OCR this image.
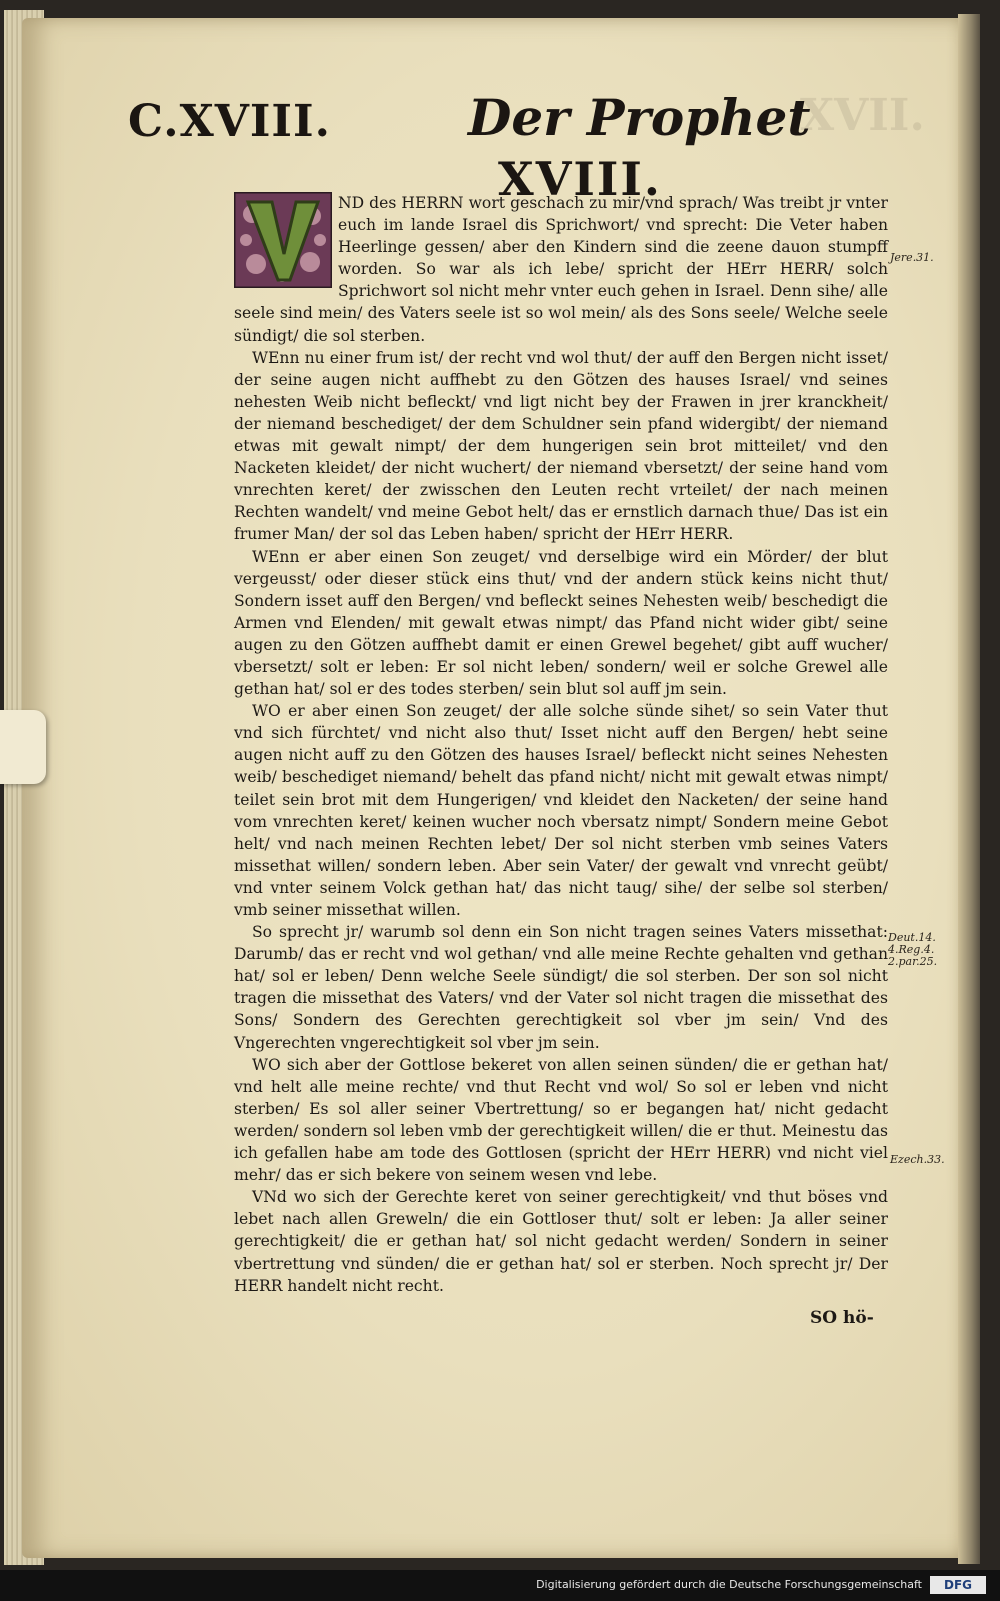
C.XVIII.	Der Prophet
XVII.
XVIII.

ND des HERRN wort geschach zu mir/vnd sprach/ Was treibt jr vnter euch im lande Israel dis Sprichwort/ vnd sprecht: Die Veter haben Heerlinge gessen/ aber den Kindern sind die zeene dauon stumpff worden. So war als ich lebe/ spricht der HErr HERR/ solch Sprichwort sol nicht mehr vnter euch gehen in Israel. Denn sihe/ alle seele sind mein/ des Vaters seele ist so wol mein/ als des Sons seele/ Welche seele sündigt/ die sol sterben.

WEnn nu einer frum ist/ der recht vnd wol thut/ der auff den Bergen nicht isset/ der seine augen nicht auffhebt zu den Götzen des hauses Israel/ vnd seines nehesten Weib nicht befleckt/ vnd ligt nicht bey der Frawen in jrer kranckheit/ der niemand beschediget/ der dem Schuldner sein pfand widergibt/ der niemand etwas mit gewalt nimpt/ der dem hungerigen sein brot mitteilet/ vnd den Nacketen kleidet/ der nicht wuchert/ der niemand vbersetzt/ der seine hand vom vnrechten keret/ der zwisschen den Leuten recht vrteilet/ der nach meinen Rechten wandelt/ vnd meine Gebot helt/ das er ernstlich darnach thue/ Das ist ein frumer Man/ der sol das Leben haben/ spricht der HErr HERR.

WEnn er aber einen Son zeuget/ vnd derselbige wird ein Mörder/ der blut vergeusst/ oder dieser stück eins thut/ vnd der andern stück keins nicht thut/ Sondern isset auff den Bergen/ vnd befleckt seines Nehesten weib/ beschedigt die Armen vnd Elenden/ mit gewalt etwas nimpt/ das Pfand nicht wider gibt/ seine augen zu den Götzen auffhebt damit er einen Grewel begehet/ gibt auff wucher/ vbersetzt/ solt er leben: Er sol nicht leben/ sondern/ weil er solche Grewel alle gethan hat/ sol er des todes sterben/ sein blut sol auff jm sein.

WO er aber einen Son zeuget/ der alle solche sünde sihet/ so sein Vater thut vnd sich fürchtet/ vnd nicht also thut/ Isset nicht auff den Bergen/ hebt seine augen nicht auff zu den Götzen des hauses Israel/ befleckt nicht seines Nehesten weib/ beschediget niemand/ behelt das pfand nicht/ nicht mit gewalt etwas nimpt/ teilet sein brot mit dem Hungerigen/ vnd kleidet den Nacketen/ der seine hand vom vnrechten keret/ keinen wucher noch vbersatz nimpt/ Sondern meine Gebot helt/ vnd nach meinen Rechten lebet/ Der sol nicht sterben vmb seines Vaters missethat willen/ sondern leben. Aber sein Vater/ der gewalt vnd vnrecht geübt/ vnd vnter seinem Volck gethan hat/ das nicht taug/ sihe/ der selbe sol sterben/ vmb seiner missethat willen.

So sprecht jr/ warumb sol denn ein Son nicht tragen seines Vaters missethat: Darumb/ das er recht vnd wol gethan/ vnd alle meine Rechte gehalten vnd gethan hat/ sol er leben/ Denn welche Seele sündigt/ die sol sterben. Der son sol nicht tragen die missethat des Vaters/ vnd der Vater sol nicht tragen die missethat des Sons/ Sondern des Gerechten gerechtigkeit sol vber jm sein/ Vnd des Vngerechten vngerechtigkeit sol vber jm sein.

WO sich aber der Gottlose bekeret von allen seinen sünden/ die er gethan hat/ vnd helt alle meine rechte/ vnd thut Recht vnd wol/ So sol er leben vnd nicht sterben/ Es sol aller seiner Vbertrettung/ so er begangen hat/ nicht gedacht werden/ sondern sol leben vmb der gerechtigkeit willen/ die er thut. Meinestu das ich gefallen habe am tode des Gottlosen (spricht der HErr HERR) vnd nicht viel mehr/ das er sich bekere von seinem wesen vnd lebe.

VNd wo sich der Gerechte keret von seiner gerechtigkeit/ vnd thut böses vnd lebet nach allen Greweln/ die ein Gottloser thut/ solt er leben: Ja aller seiner gerechtigkeit/ die er gethan hat/ sol nicht gedacht werden/ Sondern in seiner vbertrettung vnd sünden/ die er gethan hat/ sol er sterben. Noch sprecht jr/ Der HERR handelt nicht recht.

Jere.31.
Deut.14. 4.Reg.4. 2.par.25.
Ezech.33.
SO hö-
Digitalisierung gefördert durch die Deutsche Forschungsgemeinschaft	DFG
